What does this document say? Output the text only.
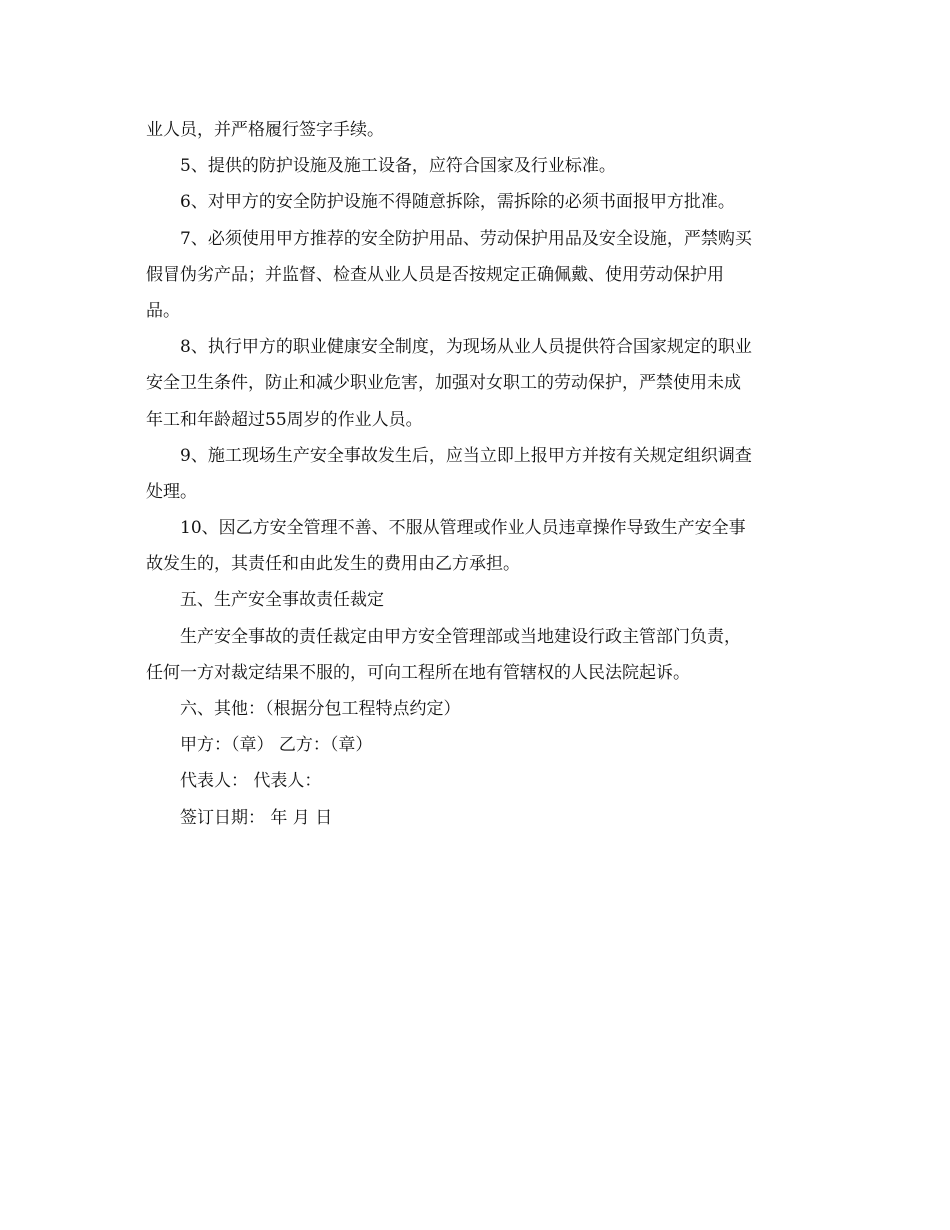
业人员，并严格履行签字手续。
5、提供的防护设施及施工设备，应符合国家及行业标准。
6、对甲方的安全防护设施不得随意拆除，需拆除的必须书面报甲方批准。
7、必须使用甲方推荐的安全防护用品、劳动保护用品及安全设施，严禁购买
假冒伪劣产品；并监督、检查从业人员是否按规定正确佩戴、使用劳动保护用
品。
8、执行甲方的职业健康安全制度，为现场从业人员提供符合国家规定的职业
安全卫生条件，防止和减少职业危害，加强对女职工的劳动保护，严禁使用未成
年工和年龄超过55周岁的作业人员。
9、施工现场生产安全事故发生后，应当立即上报甲方并按有关规定组织调查
处理。
10、因乙方安全管理不善、不服从管理或作业人员违章操作导致生产安全事
故发生的，其责任和由此发生的费用由乙方承担。
五、生产安全事故责任裁定
生产安全事故的责任裁定由甲方安全管理部或当地建设行政主管部门负责，
任何一方对裁定结果不服的，可向工程所在地有管辖权的人民法院起诉。
六、其他：（根据分包工程特点约定）
甲方：（章） 乙方：（章）
代表人： 代表人：
签订日期： 年 月 日
